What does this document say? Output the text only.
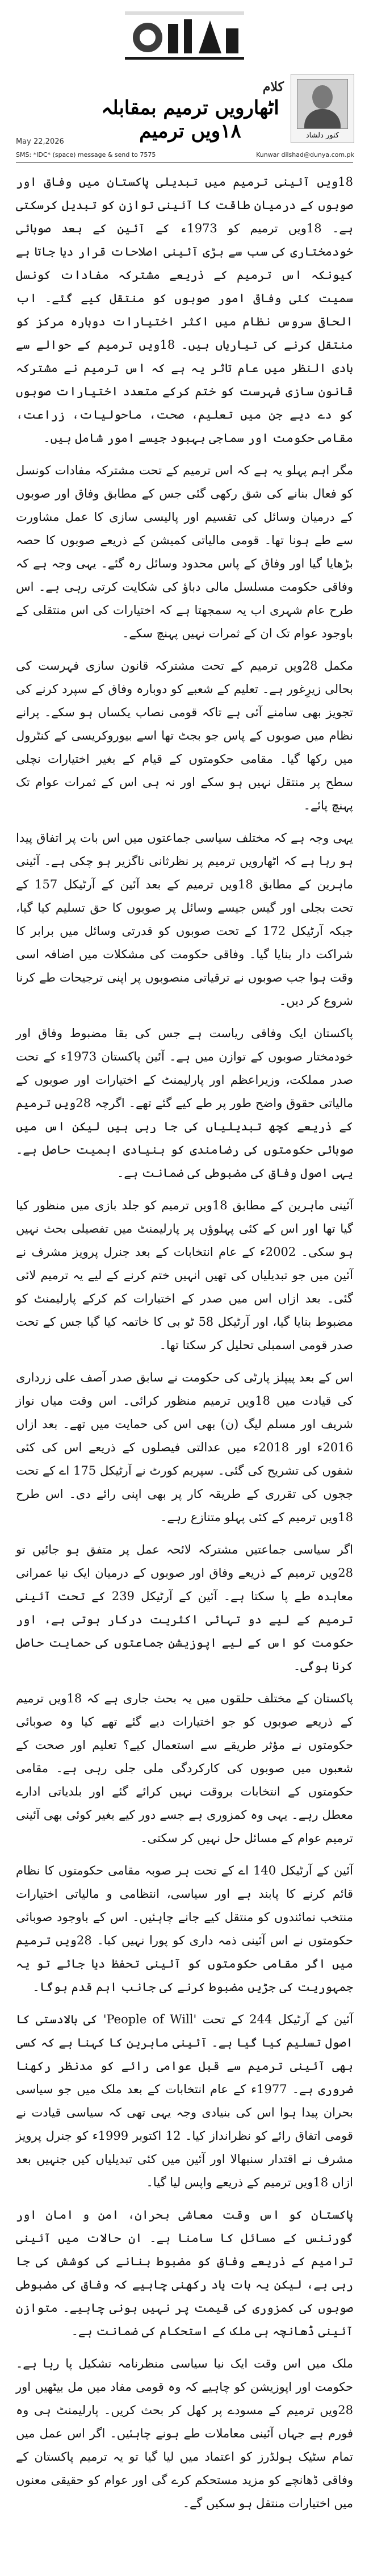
کلام
اٹھارویں ترمیم بمقابلہ ۱۸ویں ترمیم	کنور دلشاد
May 22,2026
SMS: *IDC* (space) message & send to 7575	Kunwar dilshad@dunya.com.pk

18ویں آئینی ترمیم میں تبدیلی پاکستان میں وفاق اور صوبوں کے درمیان طاقت کا آئینی توازن کو تبدیل کرسکتی ہے۔ 18ویں ترمیم کو 1973ء کے آئین کے بعد صوبائی خودمختاری کی سب سے بڑی آئینی اصلاحات قرار دیا جاتا ہے کیونکہ اس ترمیم کے ذریعے مشترکہ مفادات کونسل سمیت کئی وفاقی امور صوبوں کو منتقل کیے گئے۔ اب الحاقی سروس نظام میں اکثر اختیارات دوبارہ مرکز کو منتقل کرنے کی تیاریاں ہیں۔ 18ویں ترمیم کے حوالے سے بادی النظر میں عام تاثر یہ ہے کہ اس ترمیم نے مشترکہ قانون سازی فہرست کو ختم کرکے متعدد اختیارات صوبوں کو دے دیے جن میں تعلیم، صحت، ماحولیات، زراعت، مقامی حکومت اور سماجی بہبود جیسے امور شامل ہیں۔

مگر اہم پہلو یہ ہے کہ اس ترمیم کے تحت مشترکہ مفادات کونسل کو فعال بنانے کی شق رکھی گئی جس کے مطابق وفاق اور صوبوں کے درمیان وسائل کی تقسیم اور پالیسی سازی کا عمل مشاورت سے طے ہونا تھا۔ قومی مالیاتی کمیشن کے ذریعے صوبوں کا حصہ بڑھایا گیا اور وفاق کے پاس محدود وسائل رہ گئے۔ یہی وجہ ہے کہ وفاقی حکومت مسلسل مالی دباؤ کی شکایت کرتی رہی ہے۔ اس طرح عام شہری اب یہ سمجھتا ہے کہ اختیارات کی اس منتقلی کے باوجود عوام تک ان کے ثمرات نہیں پہنچ سکے۔

مکمل 28ویں ترمیم کے تحت مشترکہ قانون سازی فہرست کی بحالی زیرِغور ہے۔ تعلیم کے شعبے کو دوبارہ وفاق کے سپرد کرنے کی تجویز بھی سامنے آئی ہے تاکہ قومی نصاب یکساں ہو سکے۔ پرانے نظام میں صوبوں کے پاس جو بجٹ تھا اسے بیوروکریسی کے کنٹرول میں رکھا گیا۔ مقامی حکومتوں کے قیام کے بغیر اختیارات نچلی سطح پر منتقل نہیں ہو سکے اور نہ ہی اس کے ثمرات عوام تک پہنچ پائے۔

یہی وجہ ہے کہ مختلف سیاسی جماعتوں میں اس بات پر اتفاق پیدا ہو رہا ہے کہ اٹھارویں ترمیم پر نظرثانی ناگزیر ہو چکی ہے۔ آئینی ماہرین کے مطابق 18ویں ترمیم کے بعد آئین کے آرٹیکل 157 کے تحت بجلی اور گیس جیسے وسائل پر صوبوں کا حق تسلیم کیا گیا، جبکہ آرٹیکل 172 کے تحت صوبوں کو قدرتی وسائل میں برابر کا شراکت دار بنایا گیا۔ وفاقی حکومت کی مشکلات میں اضافہ اسی وقت ہوا جب صوبوں نے ترقیاتی منصوبوں پر اپنی ترجیحات طے کرنا شروع کر دیں۔

پاکستان ایک وفاقی ریاست ہے جس کی بقا مضبوط وفاق اور خودمختار صوبوں کے توازن میں ہے۔ آئین پاکستان 1973ء کے تحت صدر مملکت، وزیراعظم اور پارلیمنٹ کے اختیارات اور صوبوں کے مالیاتی حقوق واضح طور پر طے کیے گئے تھے۔ اگرچہ 28ویں ترمیم کے ذریعے کچھ تبدیلیاں کی جا رہی ہیں لیکن اس میں صوبائی حکومتوں کی رضامندی کو بنیادی اہمیت حاصل ہے۔ یہی اصول وفاق کی مضبوطی کی ضمانت ہے۔

آئینی ماہرین کے مطابق 18ویں ترمیم کو جلد بازی میں منظور کیا گیا تھا اور اس کے کئی پہلوؤں پر پارلیمنٹ میں تفصیلی بحث نہیں ہو سکی۔ 2002ء کے عام انتخابات کے بعد جنرل پرویز مشرف نے آئین میں جو تبدیلیاں کی تھیں انہیں ختم کرنے کے لیے یہ ترمیم لائی گئی۔ بعد ازاں اس میں صدر کے اختیارات کم کرکے پارلیمنٹ کو مضبوط بنایا گیا، اور آرٹیکل 58 ٹو بی کا خاتمہ کیا گیا جس کے تحت صدر قومی اسمبلی تحلیل کر سکتا تھا۔

اس کے بعد پیپلز پارٹی کی حکومت نے سابق صدر آصف علی زرداری کی قیادت میں 18ویں ترمیم منظور کرائی۔ اس وقت میاں نواز شریف اور مسلم لیگ (ن) بھی اس کی حمایت میں تھے۔ بعد ازاں 2016ء اور 2018ء میں عدالتی فیصلوں کے ذریعے اس کی کئی شقوں کی تشریح کی گئی۔ سپریم کورٹ نے آرٹیکل 175 اے کے تحت ججوں کی تقرری کے طریقہ کار پر بھی اپنی رائے دی۔ اس طرح 18ویں ترمیم کے کئی پہلو متنازع رہے۔

اگر سیاسی جماعتیں مشترکہ لائحہ عمل پر متفق ہو جائیں تو 28ویں ترمیم کے ذریعے وفاق اور صوبوں کے درمیان ایک نیا عمرانی معاہدہ طے پا سکتا ہے۔ آئین کے آرٹیکل 239 کے تحت آئینی ترمیم کے لیے دو تہائی اکثریت درکار ہوتی ہے، اور حکومت کو اس کے لیے اپوزیشن جماعتوں کی حمایت حاصل کرنا ہوگی۔

پاکستان کے مختلف حلقوں میں یہ بحث جاری ہے کہ 18ویں ترمیم کے ذریعے صوبوں کو جو اختیارات دیے گئے تھے کیا وہ صوبائی حکومتوں نے مؤثر طریقے سے استعمال کیے؟ تعلیم اور صحت کے شعبوں میں صوبوں کی کارکردگی ملی جلی رہی ہے۔ مقامی حکومتوں کے انتخابات بروقت نہیں کرائے گئے اور بلدیاتی ادارے معطل رہے۔ یہی وہ کمزوری ہے جسے دور کیے بغیر کوئی بھی آئینی ترمیم عوام کے مسائل حل نہیں کر سکتی۔

آئین کے آرٹیکل 140 اے کے تحت ہر صوبہ مقامی حکومتوں کا نظام قائم کرنے کا پابند ہے اور سیاسی، انتظامی و مالیاتی اختیارات منتخب نمائندوں کو منتقل کیے جانے چاہئیں۔ اس کے باوجود صوبائی حکومتوں نے اس آئینی ذمہ داری کو پورا نہیں کیا۔ 28ویں ترمیم میں اگر مقامی حکومتوں کو آئینی تحفظ دیا جائے تو یہ جمہوریت کی جڑیں مضبوط کرنے کی جانب اہم قدم ہوگا۔

آئین کے آرٹیکل 244 کے تحت 'People of Will' کی بالادستی کا اصول تسلیم کیا گیا ہے۔ آئینی ماہرین کا کہنا ہے کہ کسی بھی آئینی ترمیم سے قبل عوامی رائے کو مدنظر رکھنا ضروری ہے۔ 1977ء کے عام انتخابات کے بعد ملک میں جو سیاسی بحران پیدا ہوا اس کی بنیادی وجہ یہی تھی کہ سیاسی قیادت نے قومی اتفاق رائے کو نظرانداز کیا۔ 12 اکتوبر 1999ء کو جنرل پرویز مشرف نے اقتدار سنبھالا اور آئین میں کئی تبدیلیاں کیں جنہیں بعد ازاں 18ویں ترمیم کے ذریعے واپس لیا گیا۔

پاکستان کو اس وقت معاشی بحران، امن و امان اور گورننس کے مسائل کا سامنا ہے۔ ان حالات میں آئینی ترامیم کے ذریعے وفاق کو مضبوط بنانے کی کوشش کی جا رہی ہے، لیکن یہ بات یاد رکھنی چاہیے کہ وفاق کی مضبوطی صوبوں کی کمزوری کی قیمت پر نہیں ہونی چاہیے۔ متوازن آئینی ڈھانچہ ہی ملک کے استحکام کی ضمانت ہے۔

ملک میں اس وقت ایک نیا سیاسی منظرنامہ تشکیل پا رہا ہے۔ حکومت اور اپوزیشن کو چاہیے کہ وہ قومی مفاد میں مل بیٹھیں اور 28ویں ترمیم کے مسودے پر کھل کر بحث کریں۔ پارلیمنٹ ہی وہ فورم ہے جہاں آئینی معاملات طے ہونے چاہئیں۔ اگر اس عمل میں تمام سٹیک ہولڈرز کو اعتماد میں لیا گیا تو یہ ترمیم پاکستان کے وفاقی ڈھانچے کو مزید مستحکم کرے گی اور عوام کو حقیقی معنوں میں اختیارات منتقل ہو سکیں گے۔
